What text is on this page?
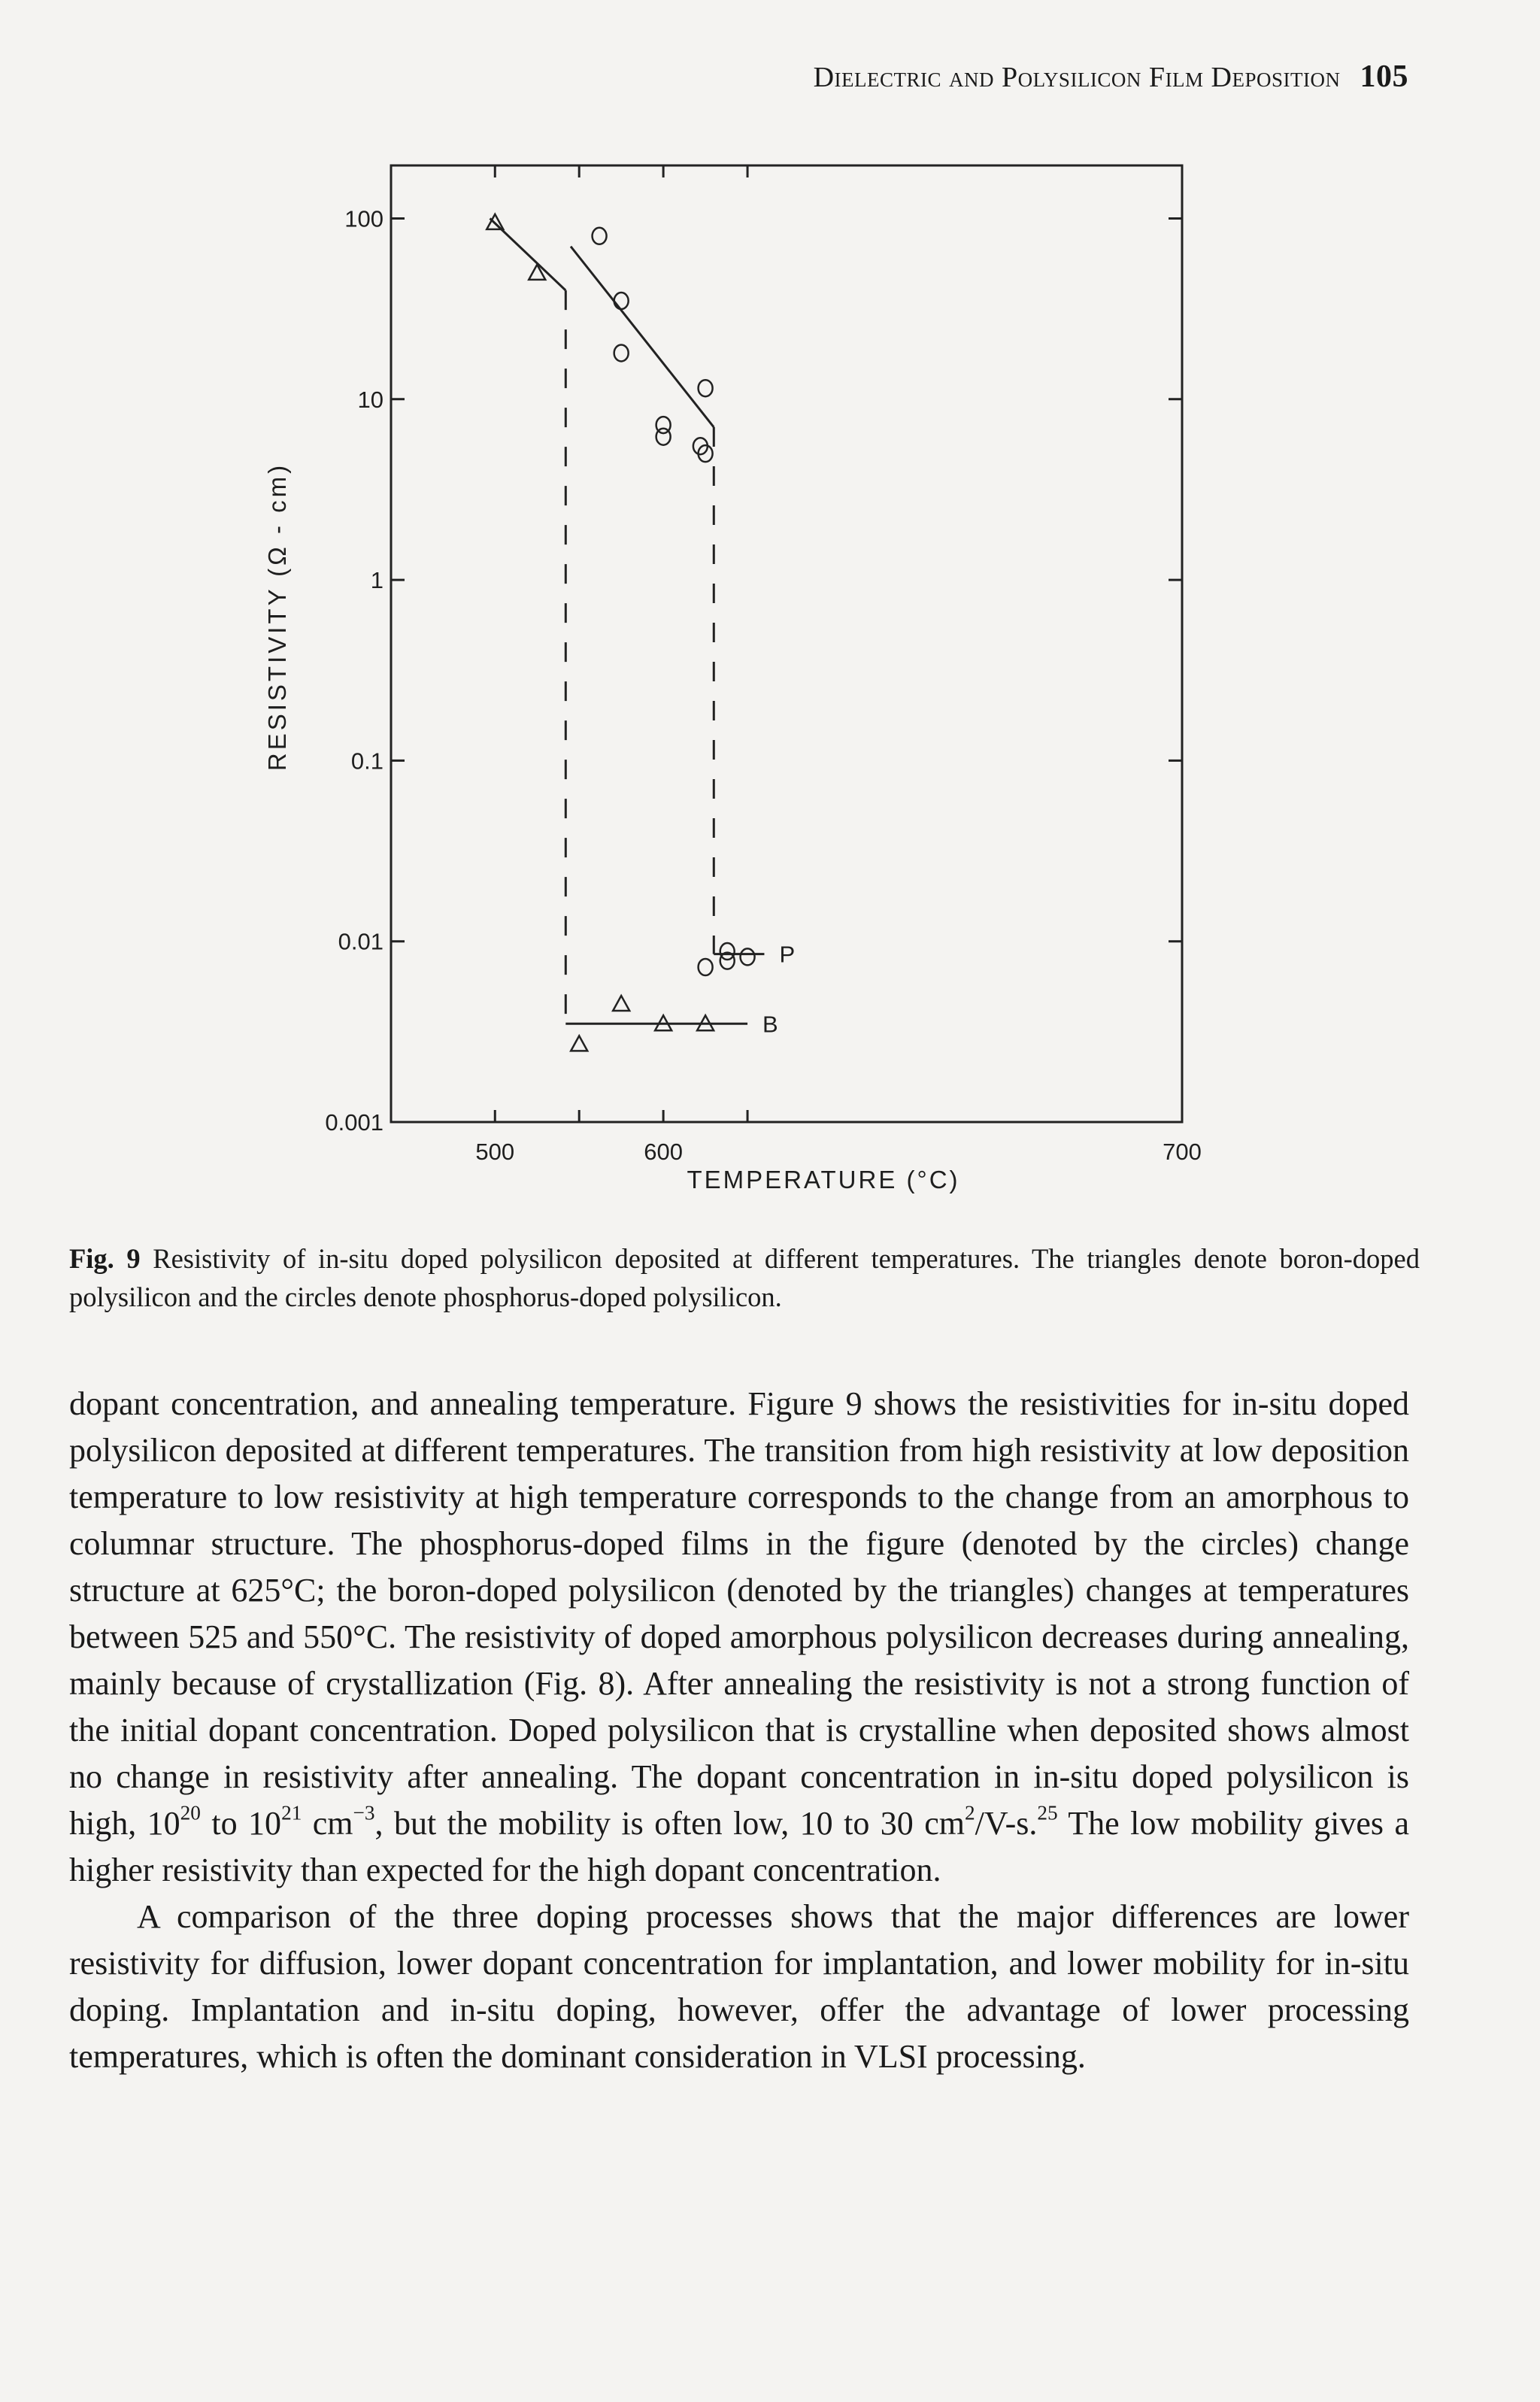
Dielectric and Polysilicon Film Deposition 105
100
10
1
0.1
0.01
0.001
500	600	700
B
P
RESISTIVITY (Ω - cm)
TEMPERATURE (°C)
Fig. 9 Resistivity of in-situ doped polysilicon deposited at different temperatures. The triangles denote boron-doped polysilicon and the circles denote phosphorus-doped polysilicon.

dopant concentration, and annealing temperature. Figure 9 shows the resistivities for in-situ doped polysilicon deposited at different temperatures. The transition from high resistivity at low deposition temperature to low resistivity at high temperature corresponds to the change from an amorphous to columnar structure. The phosphorus-doped films in the figure (denoted by the circles) change structure at 625°C; the boron-doped polysilicon (denoted by the triangles) changes at temperatures between 525 and 550°C. The resistivity of doped amorphous polysilicon decreases during annealing, mainly because of crystallization (Fig. 8). After annealing the resistivity is not a strong function of the initial dopant concentration. Doped polysilicon that is crystalline when deposited shows almost no change in resistivity after annealing. The dopant concentration in in-situ doped polysilicon is high, $10^{20}$ to $10^{21}$ $cm^{-3}$, but the mobility is often low, 10 to 30 $cm^2/V-s.^{25}$ The low mobility gives a higher resistivity than expected for the high dopant concentration.

A comparison of the three doping processes shows that the major differences are lower resistivity for diffusion, lower dopant concentration for implantation, and lower mobility for in-situ doping. Implantation and in-situ doping, however, offer the advantage of lower processing temperatures, which is often the dominant consideration in VLSI processing.
